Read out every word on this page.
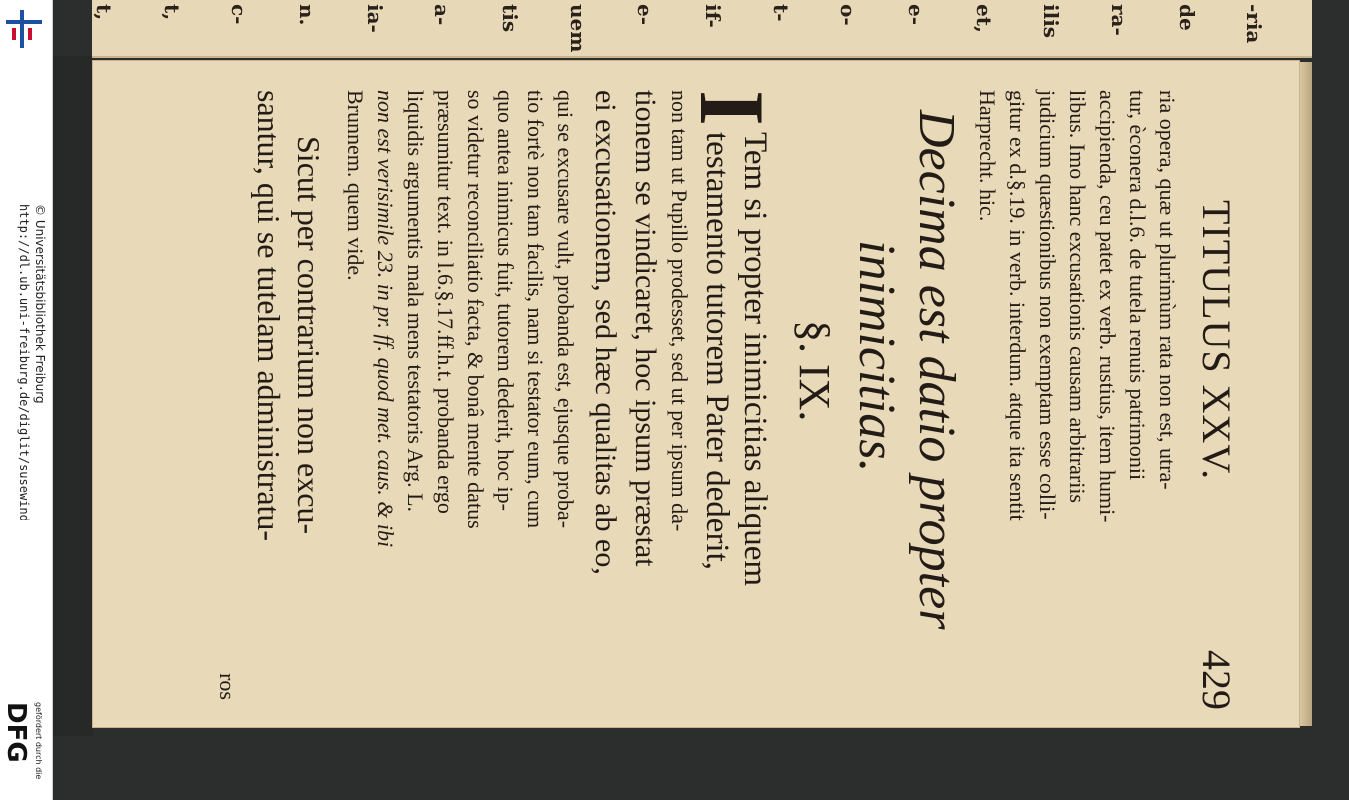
http://dl.ub.uni-freiburg.de/diglit/susewind1732_1/0431 © Universitätsbibliothek Freiburg
gefördert durch die
DFG
-ria
de
ra-
ilis
et,
e-
o-
t-
if-
e-
uem
tis
a-
ia-
n.
c-
t,
t,
TITULUS XXV.
429
ria opera, quæ ut plurimùm rata non est, utra-
tur, èconera d.l.6. de tutela renuis patrimonii
accipienda, ceu patet ex verb. rustius, item humi-
libus. Imo hanc excusationis causam arbitrariis
judicium quæstionibus non exemptam esse colli-
gitur ex d.§.19. in verb. interdum. atque ita sentit
Harprecht. hic.
Decima est datio propter
inimicitias.
§. IX.
I
Tem si propter inimicitias aliquem
testamento tutorem Pater dederit,
non tam ut Pupillo prodesset, sed ut per ipsum da-
tionem se vindicaret, hoc ipsum præstat
ei excusationem, sed hæc qualitas ab eo,
qui se excusare vult, probanda est, ejusque proba-
tio fortè non tam facilis, nam si testator eum, cum
quo antea inimicus fuit, tutorem dederit, hoc ip-
so videtur reconciliatio facta, & bonâ mente datus
præsumitur text. in l.6.§.17.ff.h.t. probanda ergo
liquidis argumentis mala mens testatoris Arg. L.
non est verisimile 23. in pr. ff. quod met. caus. & ibi
Brunnem. quem vide.
Sicut per contrarium non excu-
santur, qui se tutelam administratu-
ros
